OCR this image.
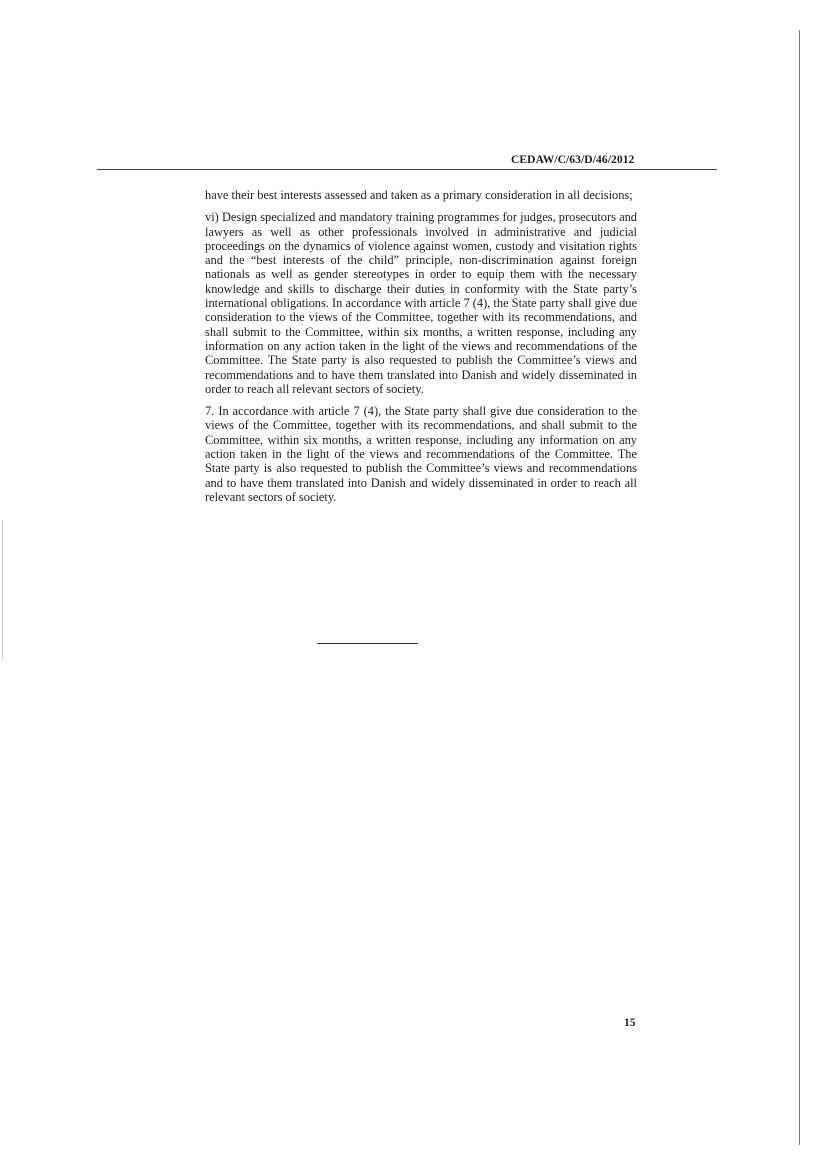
CEDAW/C/63/D/46/2012

have their best interests assessed and taken as a primary consideration in all decisions;

vi) Design specialized and mandatory training programmes for judges, prosecutors and lawyers as well as other professionals involved in administrative and judicial proceedings on the dynamics of violence against women, custody and visitation rights and the “best interests of the child” principle, non-discrimination against foreign nationals as well as gender stereotypes in order to equip them with the necessary knowledge and skills to discharge their duties in conformity with the State party’s international obligations. In accordance with article 7 (4), the State party shall give due consideration to the views of the Committee, together with its recommendations, and shall submit to the Committee, within six months, a written response, including any information on any action taken in the light of the views and recommendations of the Committee. The State party is also requested to publish the Committee’s views and recommendations and to have them translated into Danish and widely disseminated in order to reach all relevant sectors of society.

7. In accordance with article 7 (4), the State party shall give due consideration to the views of the Committee, together with its recommendations, and shall submit to the Committee, within six months, a written response, including any information on any action taken in the light of the views and recommendations of the Committee. The State party is also requested to publish the Committee’s views and recommendations and to have them translated into Danish and widely disseminated in order to reach all relevant sectors of society.

15
